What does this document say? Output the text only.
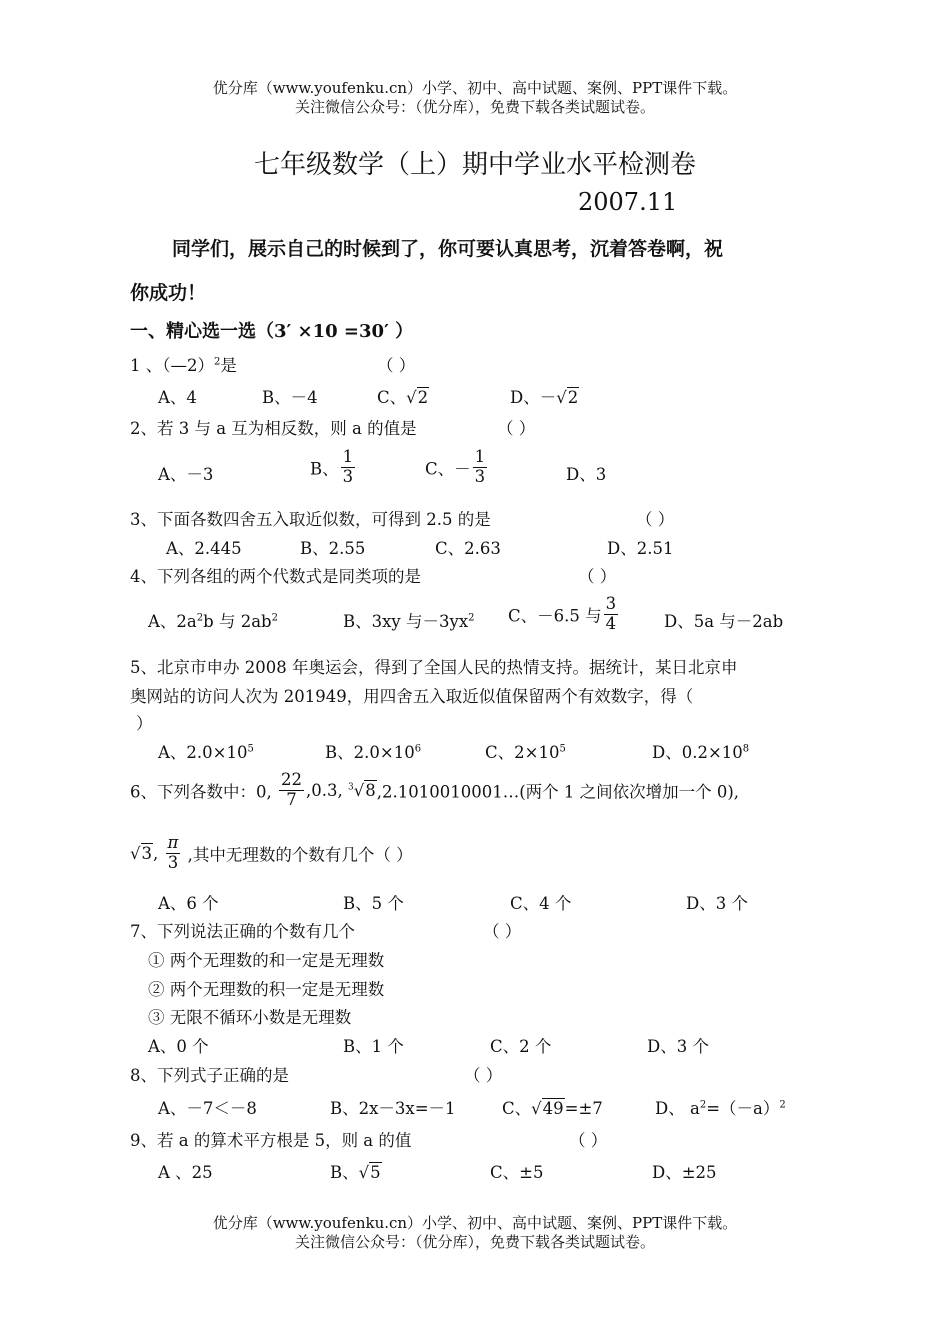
优分库（www.youfenku.cn）小学、初中、高中试题、案例、PPT课件下载。
关注微信公众号：（优分库），免费下载各类试题试卷。
七年级数学（上）期中学业水平检测卷
2007.11
同学们，展示自己的时候到了，你可要认真思考，沉着答卷啊，祝
你成功！
一、精心选一选（3′ ×10 =30′ ）
1 、（—2）$^2$是	（ ）
A、4	B、－4	C、√2	D、－√2
2、若 3 与 a 互为相反数，则 a 的值是	（ ）
A、－3	B、 $\frac{1}{3}$	C、－ $\frac{1}{3}$	D、3
3、下面各数四舍五入取近似数，可得到 2.5 的是	（ ）
A、2.445	B、2.55	C、2.63	D、2.51
4、下列各组的两个代数式是同类项的是	（ ）
A、$2a^2b$ 与 $2ab^2$	B、3xy 与$-3yx^2$ C、－6.5 与 $\frac{3}{4}$	D、5a 与－2ab
5、北京市申办 2008 年奥运会，得到了全国人民的热情支持。据统计，某日北京申
奥网站的访问人次为 201949，用四舍五入取近似值保留两个有效数字，得（
）
A、$2.0\times 10^5$	B、$2.0\times 10^6$	C、$2\times 10^5$	D、$0.2\times 10^8$
6、下列各数中：0, $\frac{22}{7} ,0.3$, $^3$√8,2.1010010001…(两个 1 之间依次增加一个 0),
√3, $\frac{\pi}{3}$ ,其中无理数的个数有几个（ ）
A、6 个	B、5 个	C、4 个	D、3 个
7、下列说法正确的个数有几个	（ ）
① 两个无理数的和一定是无理数
② 两个无理数的积一定是无理数
③ 无限不循环小数是无理数
A、0 个	B、1 个	C、2 个	D、3 个
8、下列式子正确的是	（ ）
A、－7＜－8	B、2x－3x=－1	C、√49=±7	D、 $a^2=(-a)^2$
9、若 a 的算术平方根是 5，则 a 的值	（ ）
A 、25	B、√5	C、±5	D、±25
优分库（www.youfenku.cn）小学、初中、高中试题、案例、PPT课件下载。
关注微信公众号：（优分库），免费下载各类试题试卷。
